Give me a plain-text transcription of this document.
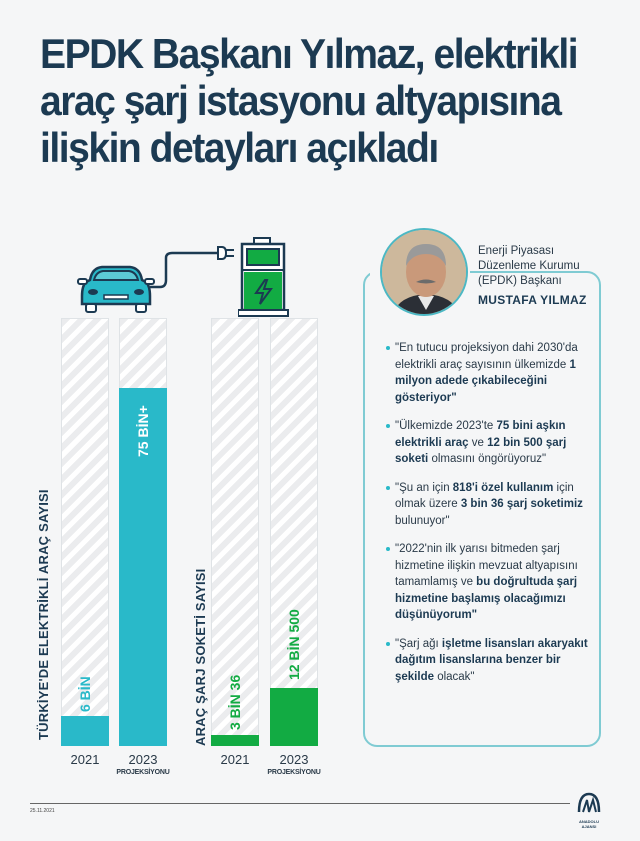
EPDK Başkanı Yılmaz, elektrikli araç şarj istasyonu altyapısına ilişkin detayları açıkladı
TÜRKİYE'DE ELEKTRİKLİ ARAÇ SAYISI 6 BİN
75 BİN+
2021	2023
PROJEKSİYONU
ARAÇ ŞARJ SOKETİ SAYISI 3 BİN 36
12 BİN 500
2021	2023
PROJEKSİYONU
Enerji Piyasası
Düzenleme Kurumu
(EPDK) Başkanı
MUSTAFA YILMAZ
"En tutucu projeksiyon dahi 2030'da elektrikli araç sayısının ülkemizde 1 milyon adede çıkabileceğini gösteriyor"
"Ülkemizde 2023'te 75 bini aşkın elektrikli araç ve 12 bin 500 şarj soketi olmasını öngörüyoruz"
"Şu an için 818'i özel kullanım için olmak üzere 3 bin 36 şarj soketimiz bulunuyor"
"2022'nin ilk yarısı bitmeden şarj hizmetine ilişkin mevzuat altyapısını tamamlamış ve bu doğrultuda şarj hizmetine başlamış olacağımızı düşünüyorum"
"Şarj ağı işletme lisansları akaryakıt dağıtım lisanslarına benzer bir şekilde olacak"
25.11.2021
ANADOLU AJANSI
